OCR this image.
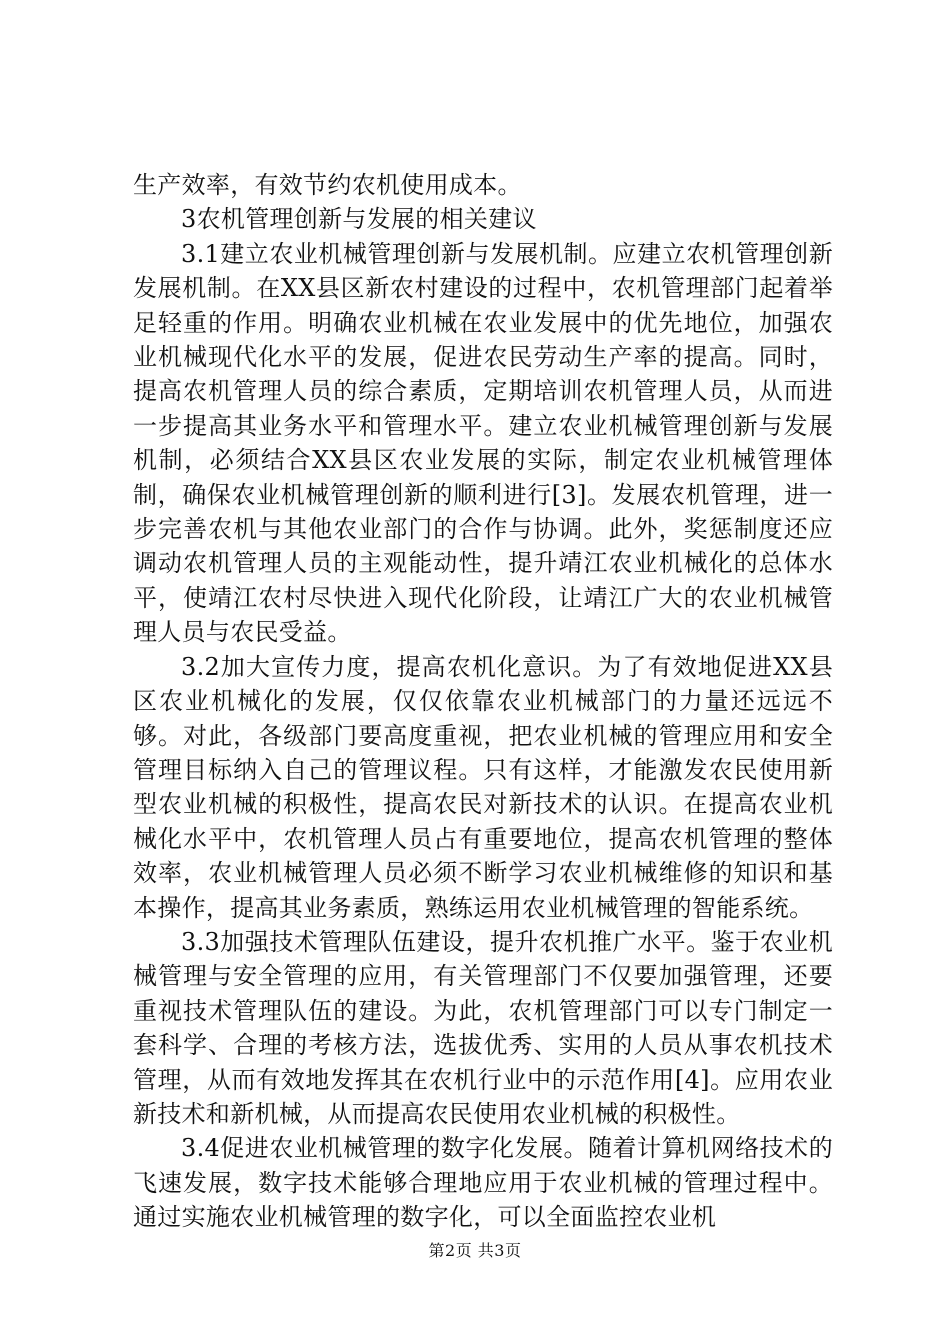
生产效率，有效节约农机使用成本。

3农机管理创新与发展的相关建议

3.1建立农业机械管理创新与发展机制。应建立农机管理创新发展机制。在XX县区新农村建设的过程中，农机管理部门起着举足轻重的作用。明确农业机械在农业发展中的优先地位，加强农业机械现代化水平的发展，促进农民劳动生产率的提高。同时，提高农机管理人员的综合素质，定期培训农机管理人员，从而进一步提高其业务水平和管理水平。建立农业机械管理创新与发展机制，必须结合XX县区农业发展的实际，制定农业机械管理体制，确保农业机械管理创新的顺利进行[3]。发展农机管理，进一步完善农机与其他农业部门的合作与协调。此外，奖惩制度还应调动农机管理人员的主观能动性，提升靖江农业机械化的总体水平，使靖江农村尽快进入现代化阶段，让靖江广大的农业机械管理人员与农民受益。

3.2加大宣传力度，提高农机化意识。为了有效地促进XX县区农业机械化的发展，仅仅依靠农业机械部门的力量还远远不够。对此，各级部门要高度重视，把农业机械的管理应用和安全管理目标纳入自己的管理议程。只有这样，才能激发农民使用新型农业机械的积极性，提高农民对新技术的认识。在提高农业机械化水平中，农机管理人员占有重要地位，提高农机管理的整体效率，农业机械管理人员必须不断学习农业机械维修的知识和基本操作，提高其业务素质，熟练运用农业机械管理的智能系统。

3.3加强技术管理队伍建设，提升农机推广水平。鉴于农业机械管理与安全管理的应用，有关管理部门不仅要加强管理，还要重视技术管理队伍的建设。为此，农机管理部门可以专门制定一套科学、合理的考核方法，选拔优秀、实用的人员从事农机技术管理，从而有效地发挥其在农机行业中的示范作用[4]。应用农业新技术和新机械，从而提高农民使用农业机械的积极性。

3.4促进农业机械管理的数字化发展。随着计算机网络技术的飞速发展，数字技术能够合理地应用于农业机械的管理过程中。通过实施农业机械管理的数字化，可以全面监控农业机

第2页 共3页
